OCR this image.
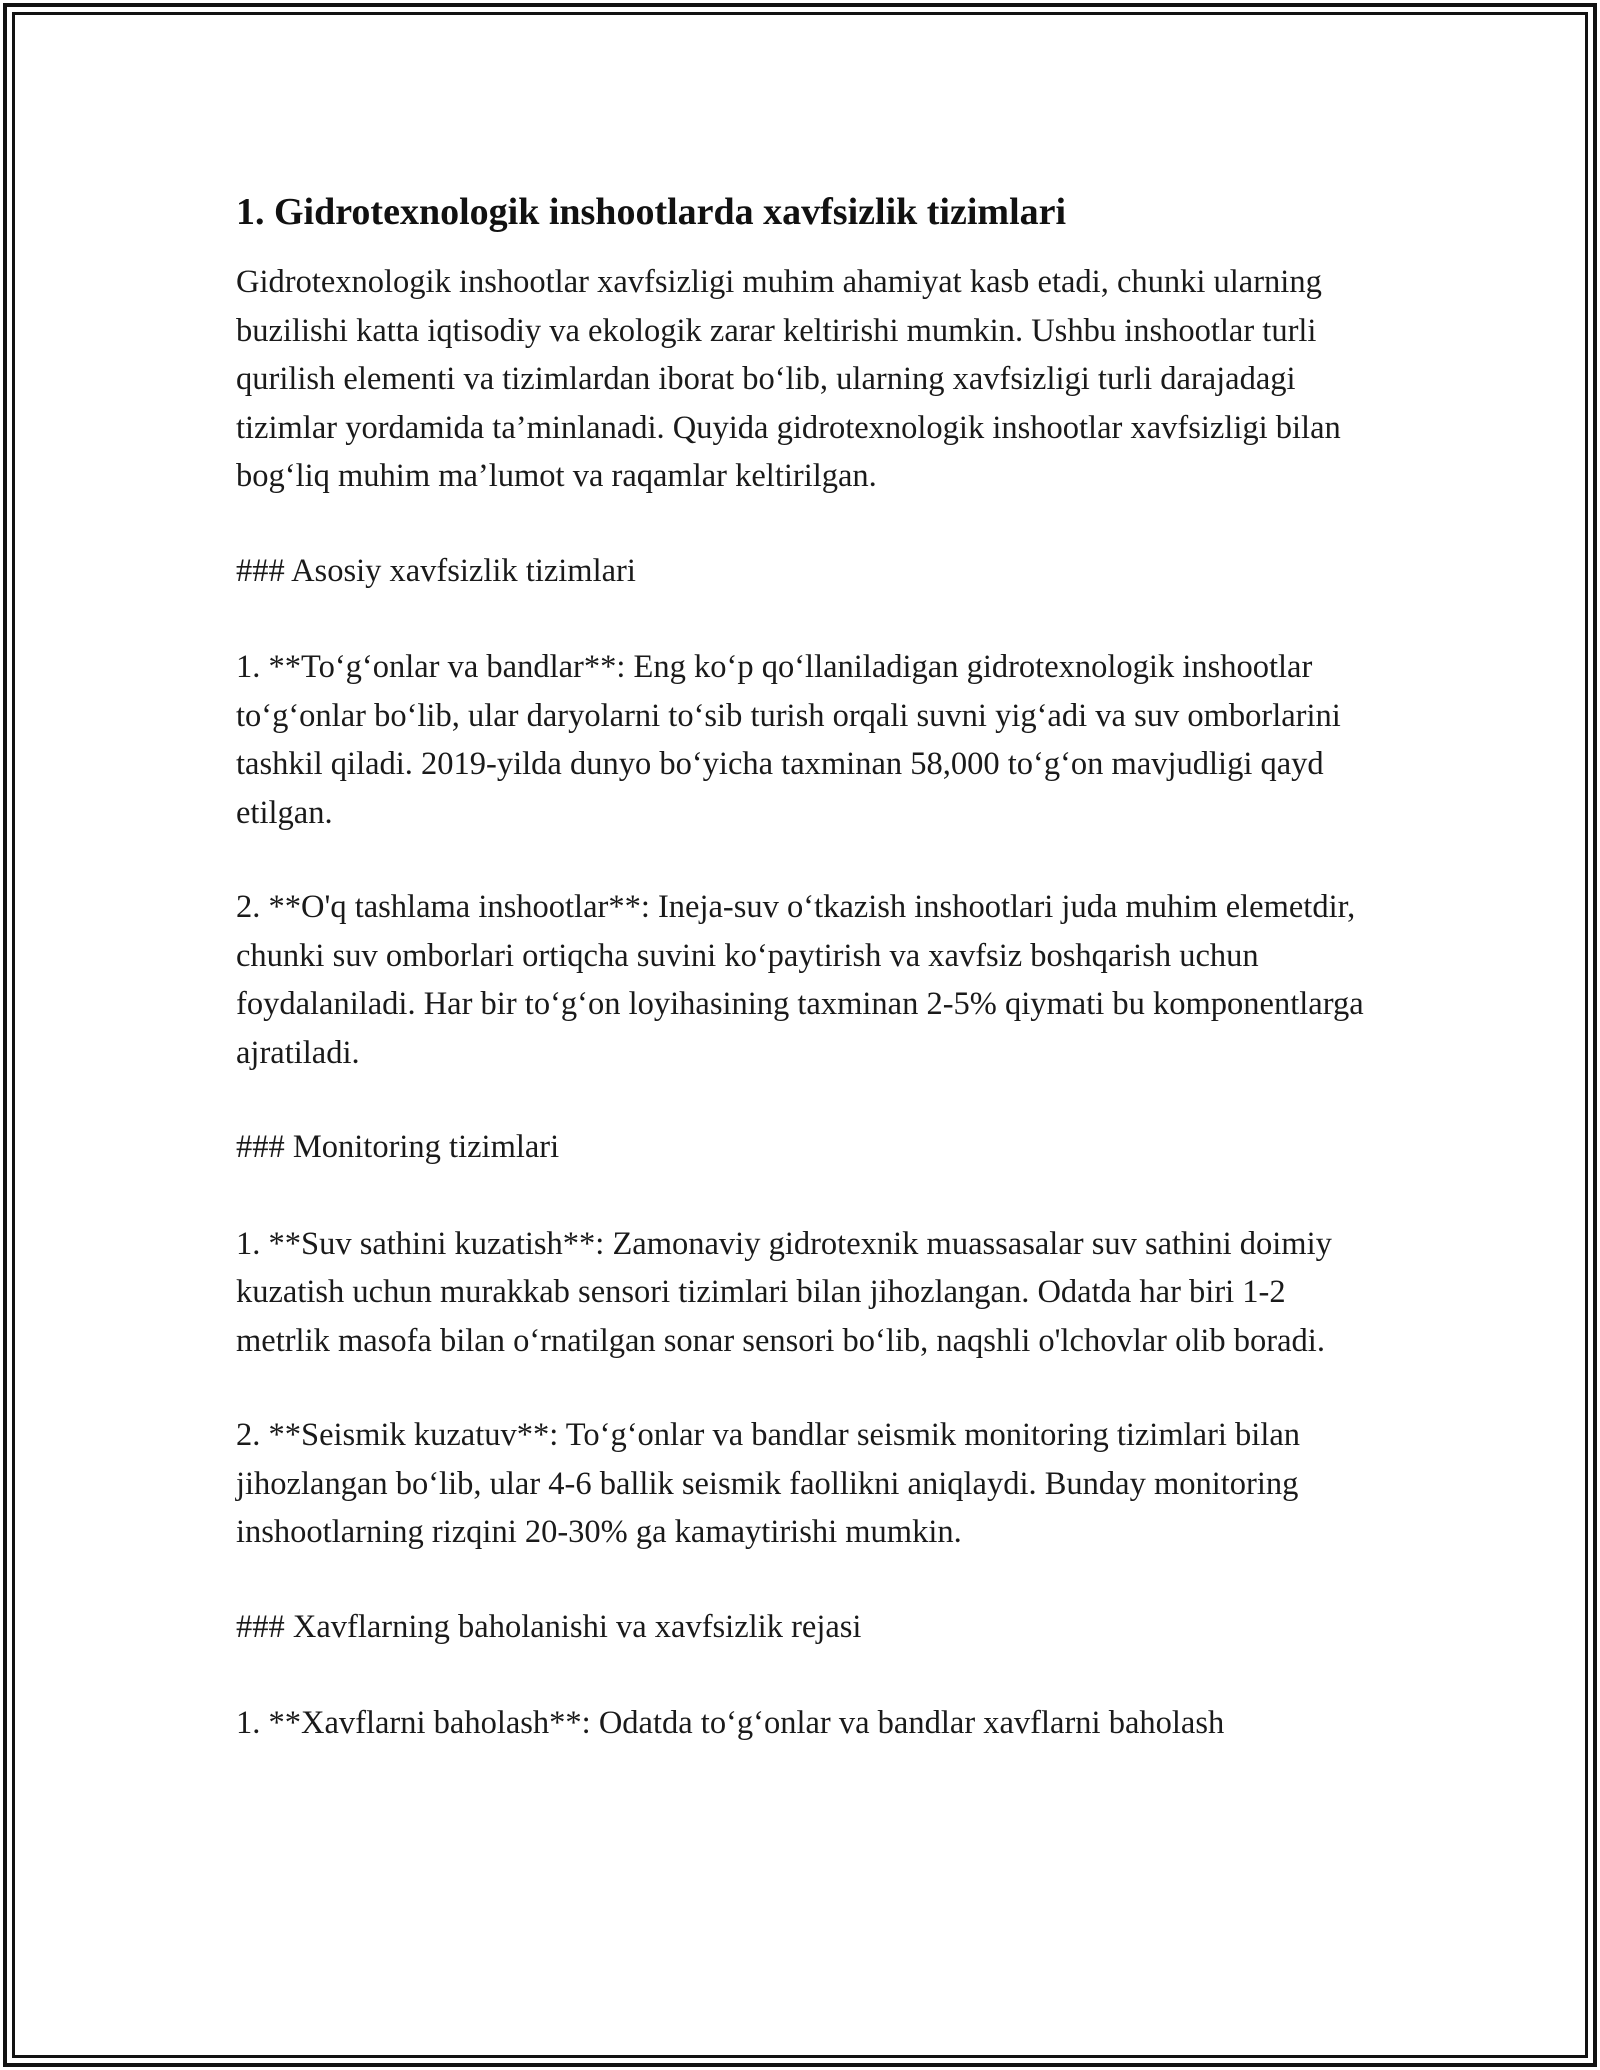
1. Gidrotexnologik inshootlarda xavfsizlik tizimlari

Gidrotexnologik inshootlar xavfsizligi muhim ahamiyat kasb etadi, chunki ularning buzilishi katta iqtisodiy va ekologik zarar keltirishi mumkin. Ushbu inshootlar turli qurilish elementi va tizimlardan iborat bo‘lib, ularning xavfsizligi turli darajadagi tizimlar yordamida ta’minlanadi. Quyida gidrotexnologik inshootlar xavfsizligi bilan bog‘liq muhim ma’lumot va raqamlar keltirilgan.

### Asosiy xavfsizlik tizimlari

1. **To‘g‘onlar va bandlar**: Eng ko‘p qo‘llaniladigan gidrotexnologik inshootlar to‘g‘onlar bo‘lib, ular daryolarni to‘sib turish orqali suvni yig‘adi va suv omborlarini tashkil qiladi. 2019-yilda dunyo bo‘yicha taxminan 58,000 to‘g‘on mavjudligi qayd etilgan.

2. **O'q tashlama inshootlar**: Ineja-suv o‘tkazish inshootlari juda muhim elemetdir, chunki suv omborlari ortiqcha suvini ko‘paytirish va xavfsiz boshqarish uchun foydalaniladi. Har bir to‘g‘on loyihasining taxminan 2-5% qiymati bu komponentlarga ajratiladi.

### Monitoring tizimlari

1. **Suv sathini kuzatish**: Zamonaviy gidrotexnik muassasalar suv sathini doimiy kuzatish uchun murakkab sensori tizimlari bilan jihozlangan. Odatda har biri 1-2 metrlik masofa bilan o‘rnatilgan sonar sensori bo‘lib, naqshli o'lchovlar olib boradi.

2. **Seismik kuzatuv**: To‘g‘onlar va bandlar seismik monitoring tizimlari bilan jihozlangan bo‘lib, ular 4-6 ballik seismik faollikni aniqlaydi. Bunday monitoring inshootlarning rizqini 20-30% ga kamaytirishi mumkin.

### Xavflarning baholanishi va xavfsizlik rejasi

1. **Xavflarni baholash**: Odatda to‘g‘onlar va bandlar xavflarni baholash
